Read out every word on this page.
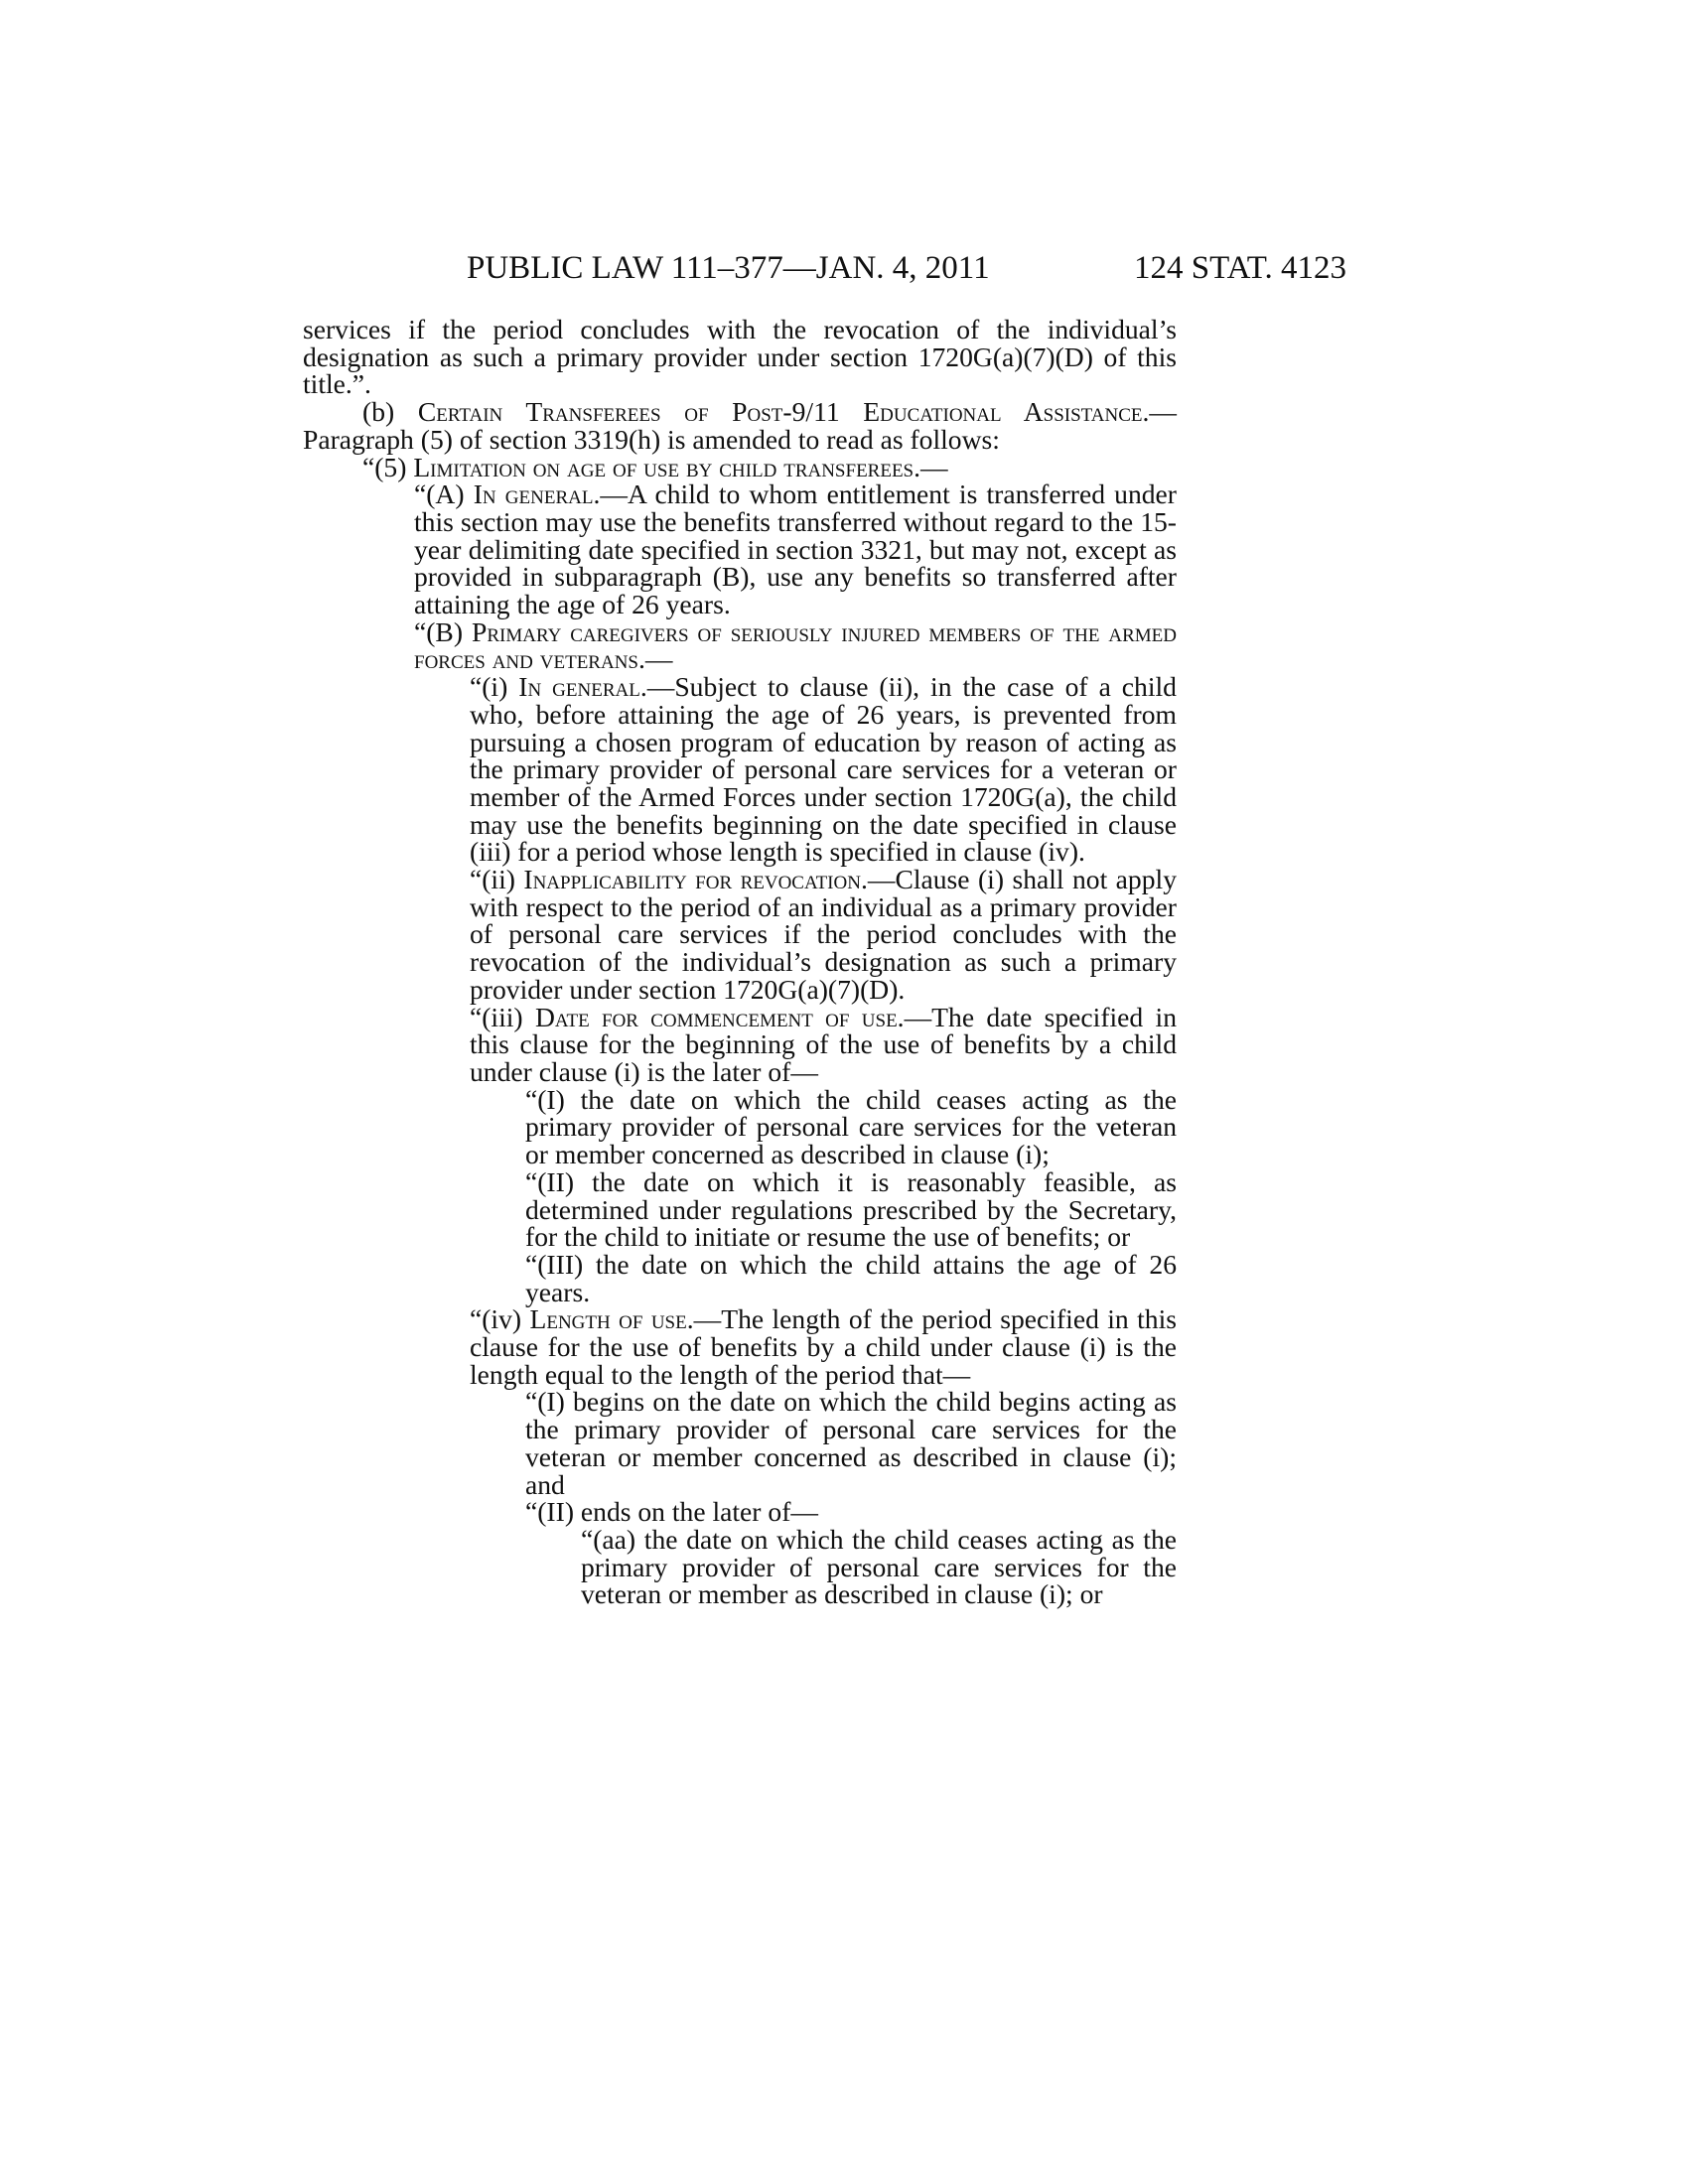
PUBLIC LAW 111–377—JAN. 4, 2011	124 STAT. 4123

services if the period concludes with the revocation of the individual’s designation as such a primary provider under section 1720G(a)(7)(D) of this title.”.

(b) Certain Transferees of Post-9/11 Educational Assistance.—Paragraph (5) of section 3319(h) is amended to read as follows:

“(5) Limitation on age of use by child transferees.—

“(A) In general.—A child to whom entitlement is transferred under this section may use the benefits transferred without regard to the 15-year delimiting date specified in section 3321, but may not, except as provided in subparagraph (B), use any benefits so transferred after attaining the age of 26 years.

“(B) Primary caregivers of seriously injured members of the armed forces and veterans.—

“(i) In general.—Subject to clause (ii), in the case of a child who, before attaining the age of 26 years, is prevented from pursuing a chosen program of education by reason of acting as the primary provider of personal care services for a veteran or member of the Armed Forces under section 1720G(a), the child may use the benefits beginning on the date specified in clause (iii) for a period whose length is specified in clause (iv).

“(ii) Inapplicability for revocation.—Clause (i) shall not apply with respect to the period of an individual as a primary provider of personal care services if the period concludes with the revocation of the individual’s designation as such a primary provider under section 1720G(a)(7)(D).

“(iii) Date for commencement of use.—The date specified in this clause for the beginning of the use of benefits by a child under clause (i) is the later of—

“(I) the date on which the child ceases acting as the primary provider of personal care services for the veteran or member concerned as described in clause (i);

“(II) the date on which it is reasonably feasible, as determined under regulations prescribed by the Secretary, for the child to initiate or resume the use of benefits; or

“(III) the date on which the child attains the age of 26 years.

“(iv) Length of use.—The length of the period specified in this clause for the use of benefits by a child under clause (i) is the length equal to the length of the period that—

“(I) begins on the date on which the child begins acting as the primary provider of personal care services for the veteran or member concerned as described in clause (i); and

“(II) ends on the later of—

“(aa) the date on which the child ceases acting as the primary provider of personal care services for the veteran or member as described in clause (i); or
